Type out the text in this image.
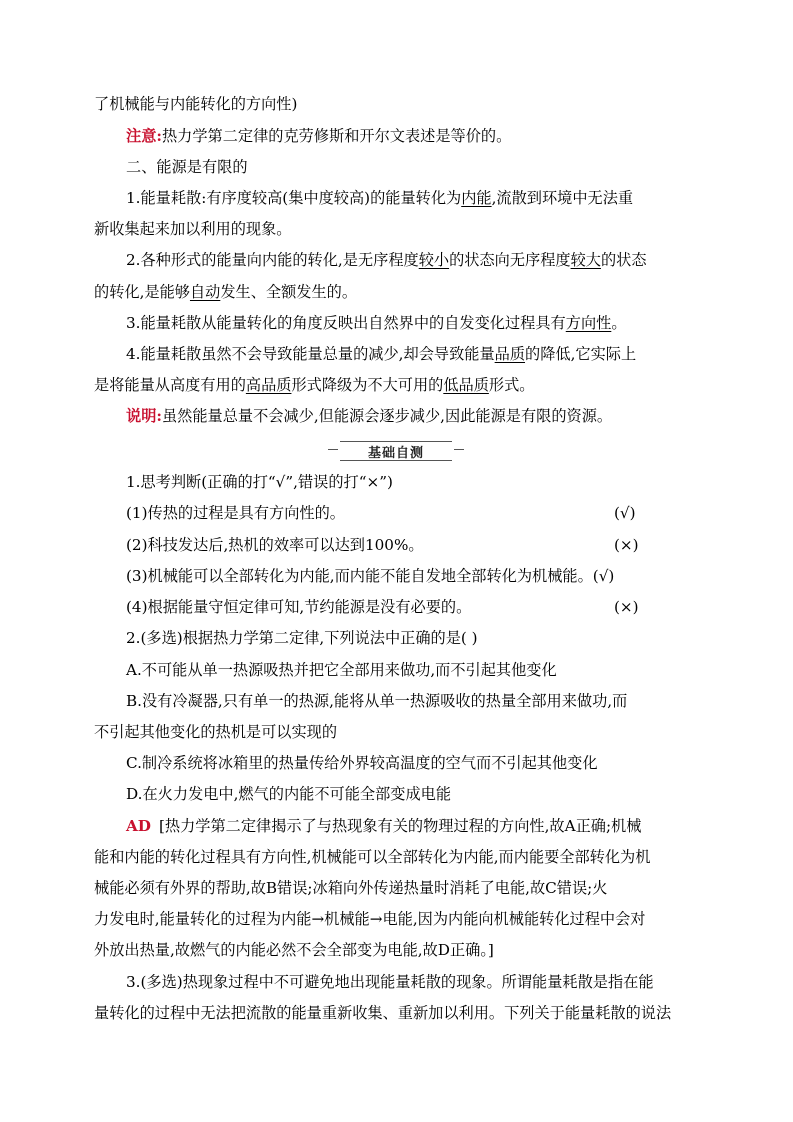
了机械能与内能转化的方向性)
注意:热力学第二定律的克劳修斯和开尔文表述是等价的。
二、能源是有限的
1.能量耗散:有序度较高(集中度较高)的能量转化为内能,流散到环境中无法重
新收集起来加以利用的现象。
2.各种形式的能量向内能的转化,是无序程度较小的状态向无序程度较大的状态
的转化,是能够自动发生、全额发生的。
3.能量耗散从能量转化的角度反映出自然界中的自发变化过程具有方向性。
4.能量耗散虽然不会导致能量总量的减少,却会导致能量品质的降低,它实际上
是将能量从高度有用的高品质形式降级为不大可用的低品质形式。
说明:虽然能量总量不会减少,但能源会逐步减少,因此能源是有限的资源。
基础自测
1.思考判断(正确的打“√”,错误的打“×”)
(1)传热的过程是具有方向性的。	(√)
(2)科技发达后,热机的效率可以达到100%。	(×)
(3)机械能可以全部转化为内能,而内能不能自发地全部转化为机械能。(√)
(4)根据能量守恒定律可知,节约能源是没有必要的。	(×)
2.(多选)根据热力学第二定律,下列说法中正确的是( )
A.不可能从单一热源吸热并把它全部用来做功,而不引起其他变化
B.没有冷凝器,只有单一的热源,能将从单一热源吸收的热量全部用来做功,而
不引起其他变化的热机是可以实现的
C.制冷系统将冰箱里的热量传给外界较高温度的空气而不引起其他变化
D.在火力发电中,燃气的内能不可能全部变成电能
AD [热力学第二定律揭示了与热现象有关的物理过程的方向性,故A正确;机械
能和内能的转化过程具有方向性,机械能可以全部转化为内能,而内能要全部转化为机
械能必须有外界的帮助,故B错误;冰箱向外传递热量时消耗了电能,故C错误;火
力发电时,能量转化的过程为内能→机械能→电能,因为内能向机械能转化过程中会对
外放出热量,故燃气的内能必然不会全部变为电能,故D正确。]
3.(多选)热现象过程中不可避免地出现能量耗散的现象。所谓能量耗散是指在能
量转化的过程中无法把流散的能量重新收集、重新加以利用。下列关于能量耗散的说法
